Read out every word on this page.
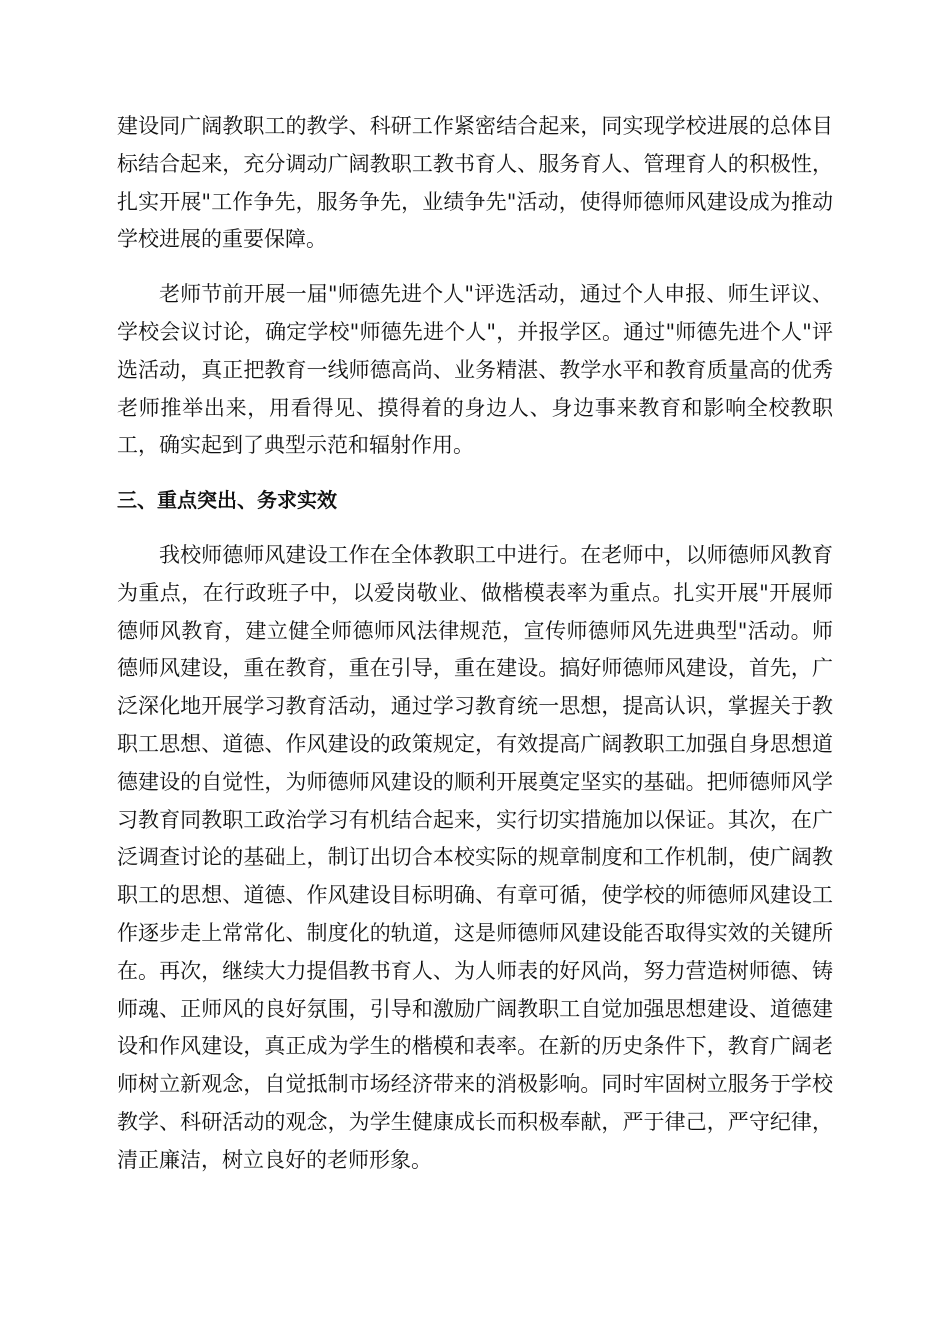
建设同广阔教职工的教学、科研工作紧密结合起来，同实现学校进展的总体目标结合起来，充分调动广阔教职工教书育人、服务育人、管理育人的积极性，扎实开展"工作争先，服务争先，业绩争先"活动，使得师德师风建设成为推动学校进展的重要保障。

老师节前开展一届"师德先进个人"评选活动，通过个人申报、师生评议、学校会议讨论，确定学校"师德先进个人"，并报学区。通过"师德先进个人"评选活动，真正把教育一线师德高尚、业务精湛、教学水平和教育质量高的优秀老师推举出来，用看得见、摸得着的身边人、身边事来教育和影响全校教职工，确实起到了典型示范和辐射作用。

三、重点突出、务求实效

我校师德师风建设工作在全体教职工中进行。在老师中，以师德师风教育为重点，在行政班子中，以爱岗敬业、做楷模表率为重点。扎实开展"开展师德师风教育，建立健全师德师风法律规范，宣传师德师风先进典型"活动。师德师风建设，重在教育，重在引导，重在建设。搞好师德师风建设，首先，广泛深化地开展学习教育活动，通过学习教育统一思想，提高认识，掌握关于教职工思想、道德、作风建设的政策规定，有效提高广阔教职工加强自身思想道德建设的自觉性，为师德师风建设的顺利开展奠定坚实的基础。把师德师风学习教育同教职工政治学习有机结合起来，实行切实措施加以保证。其次，在广泛调查讨论的基础上，制订出切合本校实际的规章制度和工作机制，使广阔教职工的思想、道德、作风建设目标明确、有章可循，使学校的师德师风建设工作逐步走上常常化、制度化的轨道，这是师德师风建设能否取得实效的关键所在。再次，继续大力提倡教书育人、为人师表的好风尚，努力营造树师德、铸师魂、正师风的良好氛围，引导和激励广阔教职工自觉加强思想建设、道德建设和作风建设，真正成为学生的楷模和表率。在新的历史条件下，教育广阔老师树立新观念，自觉抵制市场经济带来的消极影响。同时牢固树立服务于学校教学、科研活动的观念，为学生健康成长而积极奉献，严于律己，严守纪律，清正廉洁，树立良好的老师形象。
